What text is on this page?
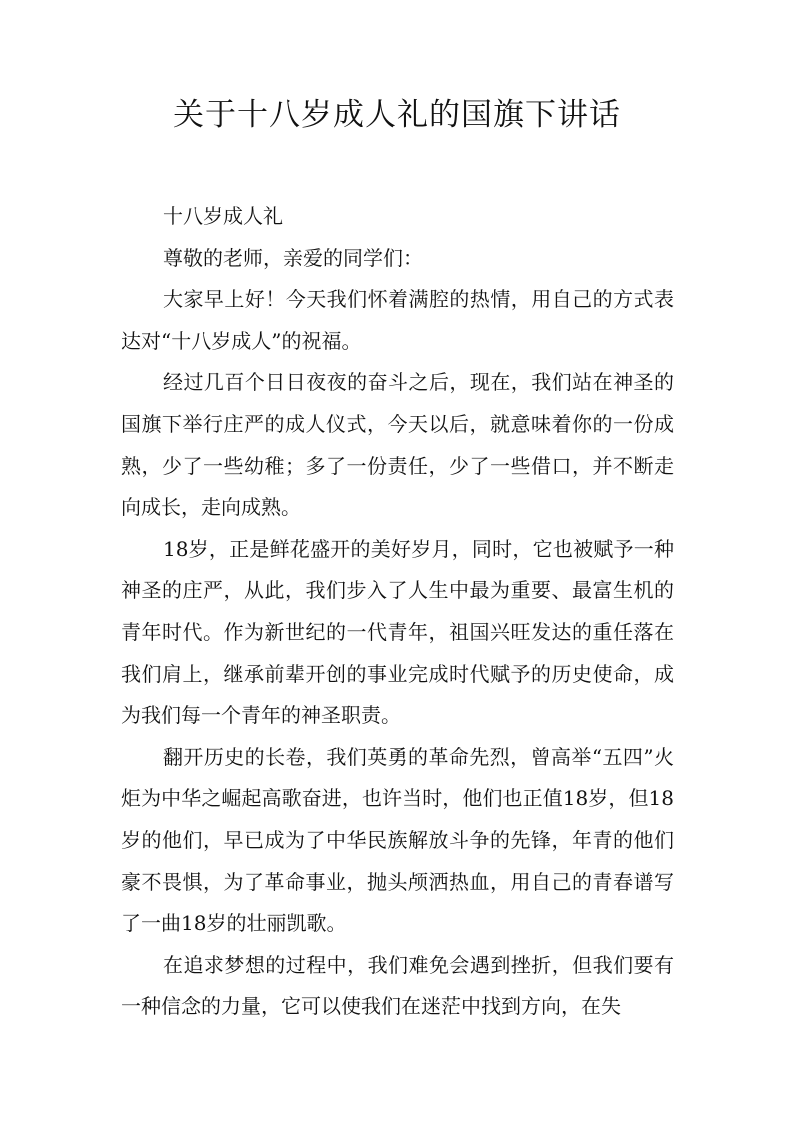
关于十八岁成人礼的国旗下讲话

十八岁成人礼

尊敬的老师，亲爱的同学们：

大家早上好！今天我们怀着满腔的热情，用自己的方式表达对“十八岁成人”的祝福。

经过几百个日日夜夜的奋斗之后，现在，我们站在神圣的国旗下举行庄严的成人仪式，今天以后，就意味着你的一份成熟，少了一些幼稚；多了一份责任，少了一些借口，并不断走向成长，走向成熟。

18岁，正是鲜花盛开的美好岁月，同时，它也被赋予一种神圣的庄严，从此，我们步入了人生中最为重要、最富生机的青年时代。作为新世纪的一代青年，祖国兴旺发达的重任落在我们肩上，继承前辈开创的事业完成时代赋予的历史使命，成为我们每一个青年的神圣职责。

翻开历史的长卷，我们英勇的革命先烈，曾高举“五四”火炬为中华之崛起高歌奋进，也许当时，他们也正值18岁，但18岁的他们，早已成为了中华民族解放斗争的先锋，年青的他们豪不畏惧，为了革命事业，抛头颅洒热血，用自己的青春谱写了一曲18岁的壮丽凯歌。

在追求梦想的过程中，我们难免会遇到挫折，但我们要有一种信念的力量，它可以使我们在迷茫中找到方向，在失
